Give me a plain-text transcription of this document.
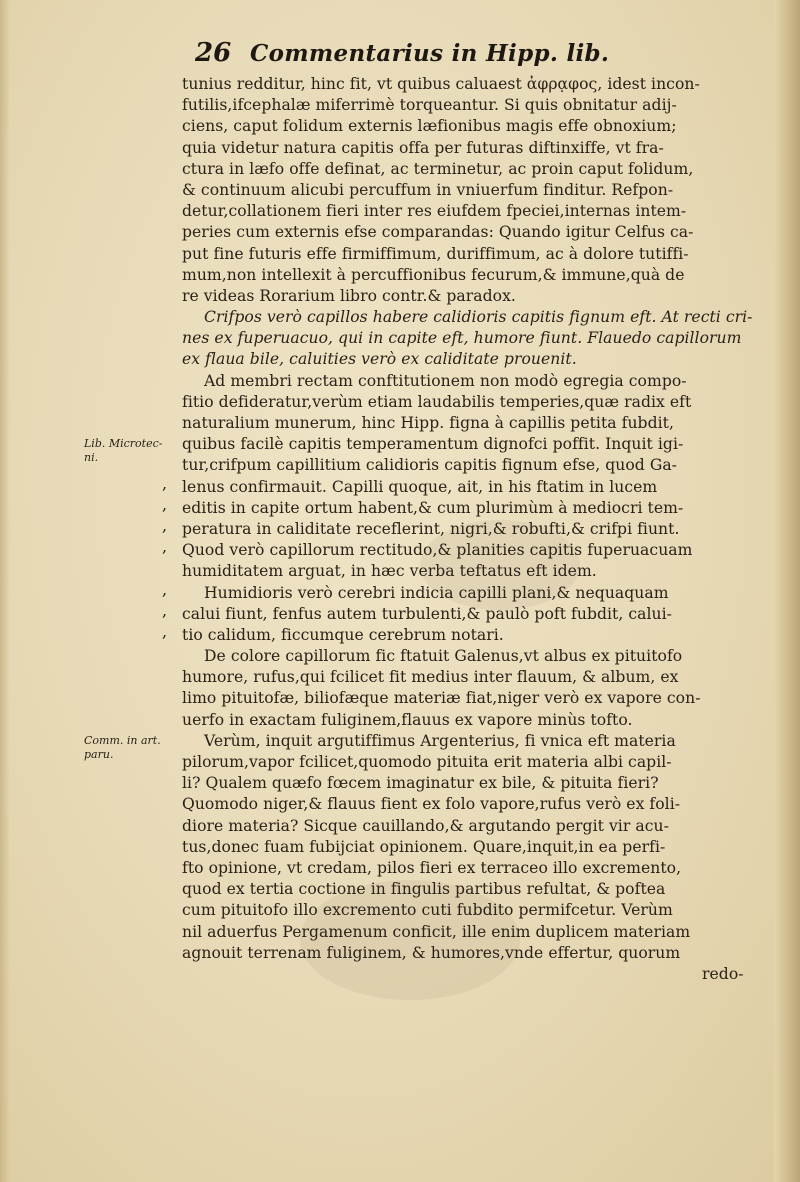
26 Commentarius in Hipp. lib.
tunius redditur, hinc fit, vt quibus caluaest ἀφρᾳφος, idest incon-
futilis,ifcephalæ miferrimè torqueantur. Si quis obnitatur adij-
ciens, caput folidum externis læfionibus magis effe obnoxium;
quia videtur natura capitis offa per futuras diftinxiffe, vt fra-
ctura in læfo offe definat, ac terminetur, ac proin caput folidum,
& continuum alicubi percuffum in vniuerfum finditur. Refpon-
detur,collationem fieri inter res eiufdem fpeciei,internas intem-
peries cum externis efse comparandas: Quando igitur Celfus ca-
put fine futuris effe firmiffimum, duriffimum, ac à dolore tutiffi-
mum,non intellexit à percuffionibus fecurum,& immune,quà de
re videas Rorarium libro contr.& paradox.
Crifpos verò capillos habere calidioris capitis fignum eft. At recti cri-
nes ex fuperuacuo, qui in capite eft, humore fiunt. Flauedo capillorum
ex flaua bile, caluities verò ex caliditate prouenit.
Ad membri rectam conftitutionem non modò egregia compo-
fitio defideratur,verùm etiam laudabilis temperies,quæ radix eft
naturalium munerum, hinc Hipp. figna à capillis petita fubdit,
quibus facilè capitis temperamentum dignofci poffit. Inquit igi-
tur,crifpum capillitium calidioris capitis fignum efse, quod Ga-
lenus confirmauit. Capilli quoque, ait, in his ftatim in lucem
editis in capite ortum habent,& cum plurimùm à mediocri tem-
peratura in caliditate receflerint, nigri,& robufti,& crifpi fiunt.
Quod verò capillorum rectitudo,& planities capitis fuperuacuam
humiditatem arguat, in hæc verba teftatus eft idem.
Humidioris verò cerebri indicia capilli plani,& nequaquam
calui fiunt, fenfus autem turbulenti,& paulò poft fubdit, calui-
tio calidum, ficcumque cerebrum notari.
De colore capillorum fic ftatuit Galenus,vt albus ex pituitofo
humore, rufus,qui fcilicet fit medius inter flauum, & album, ex
limo pituitofæ, biliofæque materiæ fiat,niger verò ex vapore con-
uerfo in exactam fuliginem,flauus ex vapore minùs tofto.
Verùm, inquit argutiffimus Argenterius, fi vnica eft materia
pilorum,vapor fcilicet,quomodo pituita erit materia albi capil-
li? Qualem quæfo fœcem imaginatur ex bile, & pituita fieri?
Quomodo niger,& flauus fient ex folo vapore,rufus verò ex foli-
diore materia? Sicque cauillando,& argutando pergit vir acu-
tus,donec fuam fubijciat opinionem. Quare,inquit,in ea perfi-
fto opinione, vt credam, pilos fieri ex terraceo illo excremento,
quod ex tertia coctione in fingulis partibus refultat, & poftea
cum pituitofo illo excremento cuti fubdito permifcetur. Verùm
nil aduerfus Pergamenum conficit, ille enim duplicem materiam
agnouit terrenam fuliginem, & humores,vnde effertur, quorum
redo-
Lib. Microtec-
ni.
Comm. in art.
paru.
,
,
,
,
,
,
,
